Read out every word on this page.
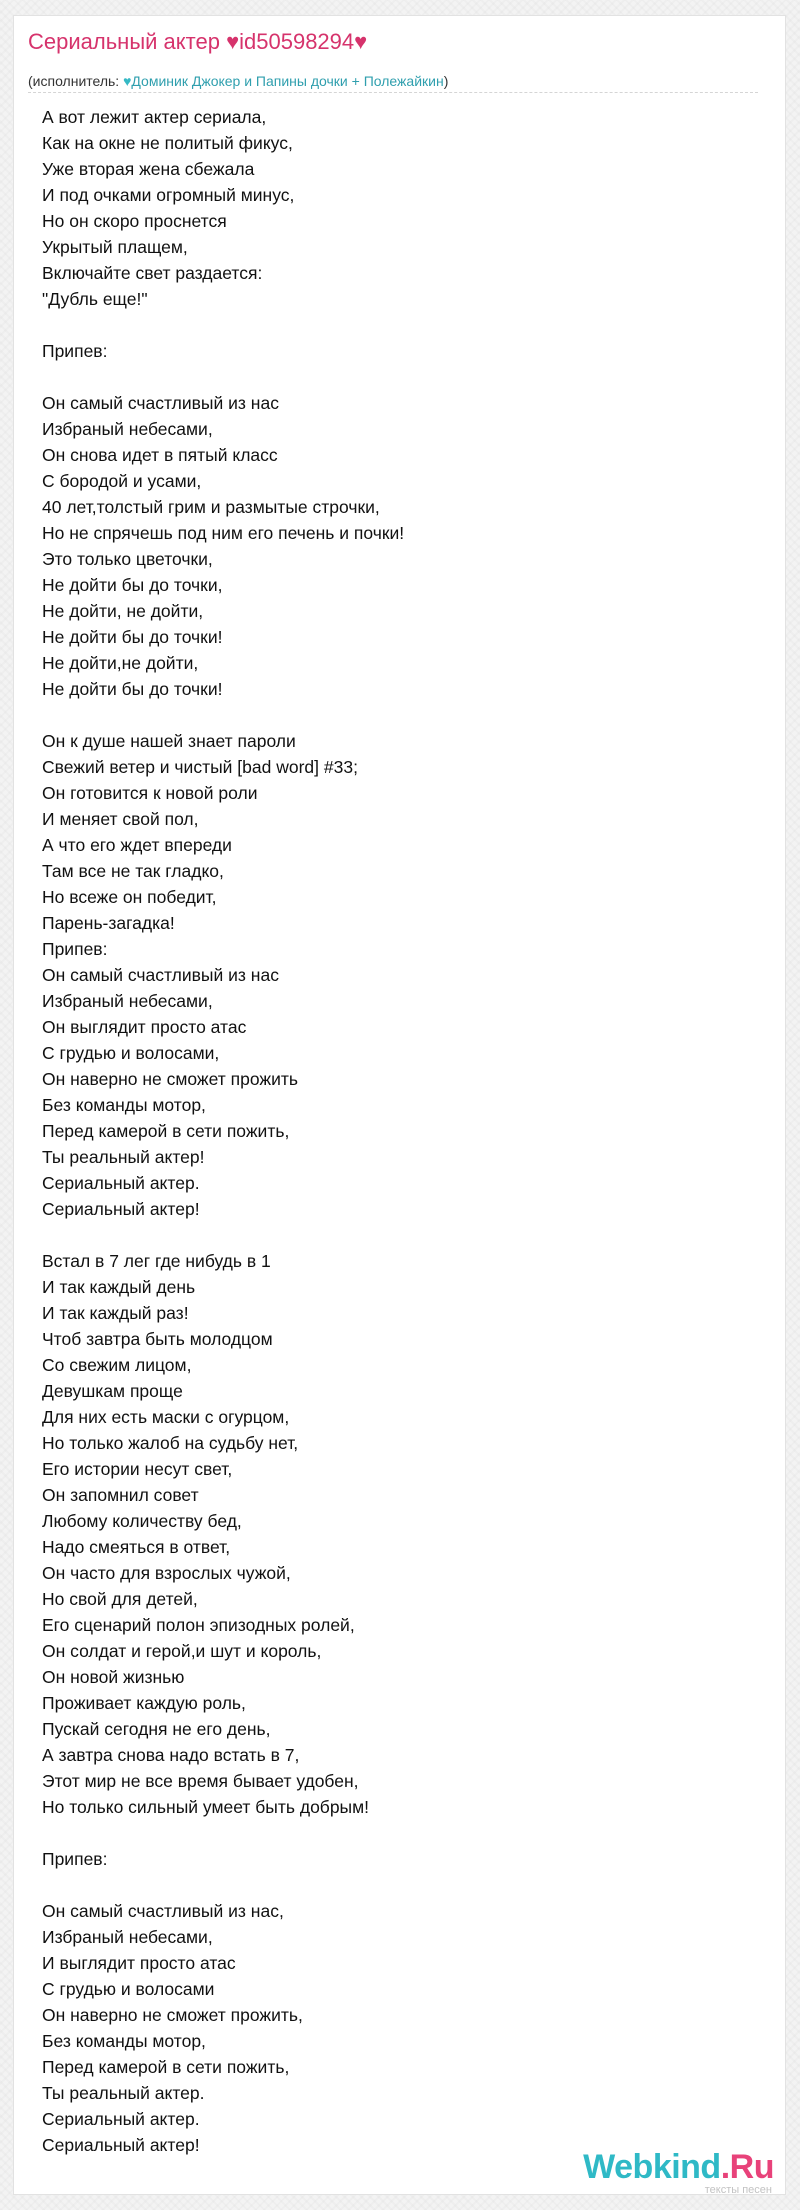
Сериальный актер ♥id50598294♥
(исполнитель: ♥Доминик Джокер и Папины дочки + Полежайкин)
А вот лежит актер сериала,
Как на окне не политый фикус,
Уже вторая жена сбежала
И под очками огромный минус,
Но он скоро проснется
Укрытый плащем,
Включайте свет раздается:
"Дубль еще!"
Припев:
Он самый счастливый из нас
Избраный небесами,
Он снова идет в пятый класс
С бородой и усами,
40 лет,толстый грим и размытые строчки,
Но не спрячешь под ним его печень и почки!
Это только цветочки,
Не дойти бы до точки,
Не дойти, не дойти,
Не дойти бы до точки!
Не дойти,не дойти,
Не дойти бы до точки!
Он к душе нашей знает пароли
Свежий ветер и чистый [bad word] #33;
Он готовится к новой роли
И меняет свой пол,
А что его ждет впереди
Там все не так гладко,
Но всеже он победит,
Парень-загадка!
Припев:
Он самый счастливый из нас
Избраный небесами,
Он выглядит просто атас
С грудью и волосами,
Он наверно не сможет прожить
Без команды мотор,
Перед камерой в сети пожить,
Ты реальный актер!
Сериальный актер.
Сериальный актер!
Встал в 7 лег где нибудь в 1
И так каждый день
И так каждый раз!
Чтоб завтра быть молодцом
Со свежим лицом,
Девушкам проще
Для них есть маски с огурцом,
Но только жалоб на судьбу нет,
Его истории несут свет,
Он запомнил совет
Любому количеству бед,
Надо смеяться в ответ,
Он часто для взрослых чужой,
Но свой для детей,
Его сценарий полон эпизодных ролей,
Он солдат и герой,и шут и король,
Он новой жизнью
Проживает каждую роль,
Пускай сегодня не его день,
А завтра снова надо встать в 7,
Этот мир не все время бывает удобен,
Но только сильный умеет быть добрым!
Припев:
Он самый счастливый из нас,
Избраный небесами,
И выглядит просто атас
С грудью и волосами
Он наверно не сможет прожить,
Без команды мотор,
Перед камерой в сети пожить,
Ты реальный актер.
Сериальный актер.
Сериальный актер!
Webkind.Ru
тексты песен
